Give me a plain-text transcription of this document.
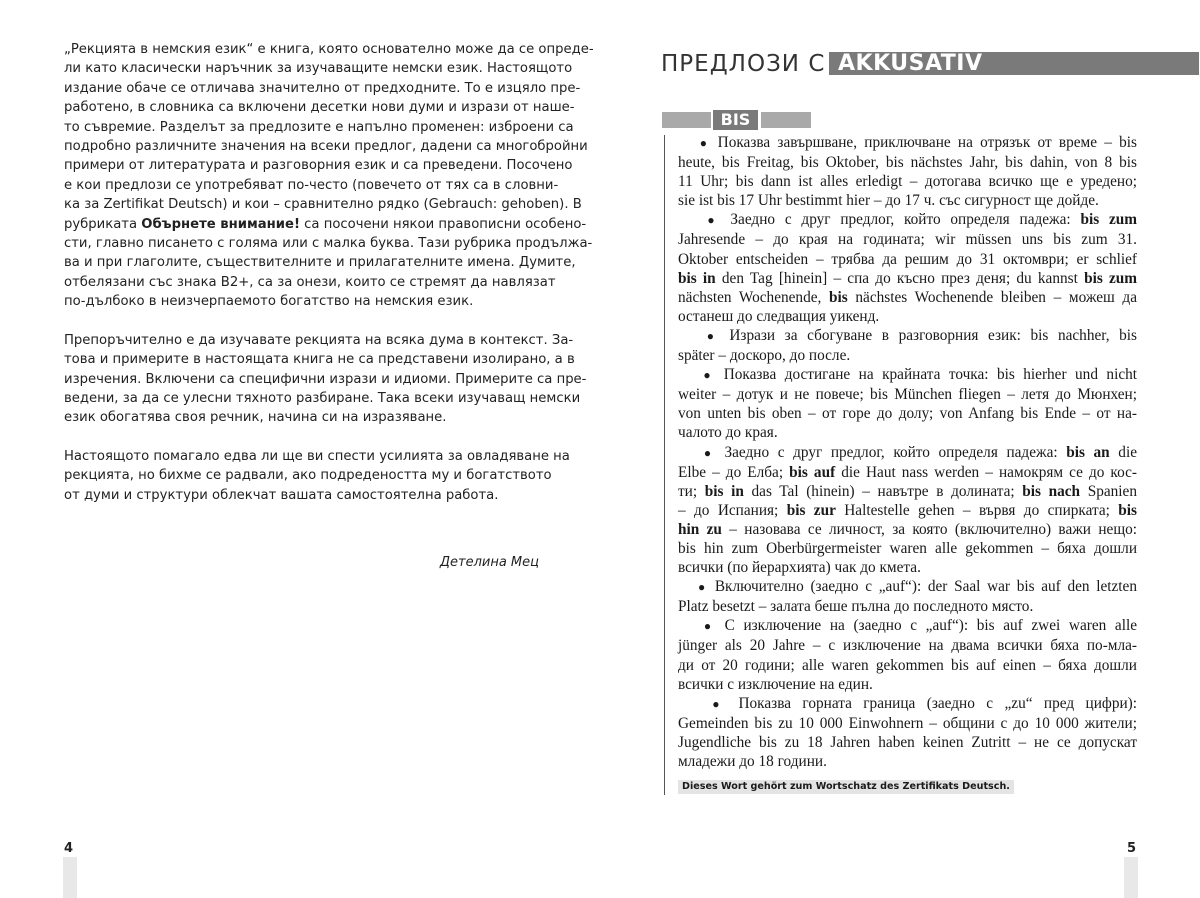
„Рекцията в немския език“ е книга, която основателно може да се опреде-
ли като класически наръчник за изучаващите немски език. Настоящото
издание обаче се отличава значително от предходните. То е изцяло пре-
работено, в словника са включени десетки нови думи и изрази от наше-
то съвремие. Разделът за предлозите е напълно променен: изброени са
подробно различните значения на всеки предлог, дадени са многобройни
примери от литературата и разговорния език и са преведени. Посочено
е кои предлози се употребяват по-често (повечето от тях са в словни-
ка за Zertifikat Deutsch) и кои – сравнително рядко (Gebrauch: gehoben). В
рубриката Обърнете внимание! са посочени някои правописни особено-
сти, главно писането с голяма или с малка буква. Тази рубрика продължа-
ва и при глаголите, съществителните и прилагателните имена. Думите,
отбелязани със знака B2+, са за онези, които се стремят да навлязат
по-дълбоко в неизчерпаемото богатство на немския език.

Препоръчително е да изучавате рекцията на всяка дума в контекст. За-
това и примерите в настоящата книга не са представени изолирано, а в
изречения. Включени са специфични изрази и идиоми. Примерите са пре-
ведени, за да се улесни тяхното разбиране. Така всеки изучаващ немски
език обогатява своя речник, начина си на изразяване.

Настоящото помагало едва ли ще ви спести усилията за овладяване на
рекцията, но бихме се радвали, ако подредеността му и богатството
от думи и структури облекчат вашата самостоятелна работа.

Детелина Мец
4
ПРЕДЛОЗИ С AKKUSATIV
BIS
● Показва завършване, приключване на отрязък от време – bis
heute, bis Freitag, bis Oktober, bis nächstes Jahr, bis dahin, von 8 bis
11 Uhr; bis dann ist alles erledigt – дотогава всичко ще е уредено;
sie ist bis 17 Uhr bestimmt hier – до 17 ч. със сигурност ще дойде.
● Заедно с друг предлог, който определя падежа: bis zum
Jahresende – до края на годината; wir müssen uns bis zum 31.
Oktober entscheiden – трябва да решим до 31 октомври; er schlief
bis in den Tag [hinein] – спа до късно през деня; du kannst bis zum
nächsten Wochenende, bis nächstes Wochenende bleiben – можеш да
останеш до следващия уикенд.
● Изрази за сбогуване в разговорния език: bis nachher, bis
später – доскоро, до после.
● Показва достигане на крайната точка: bis hierher und nicht
weiter – дотук и не повече; bis München fliegen – летя до Мюнхен;
von unten bis oben – от горе до долу; von Anfang bis Ende – от на-
чалото до края.
● Заедно с друг предлог, който определя падежа: bis an die
Elbe – до Елба; bis auf die Haut nass werden – намокрям се до кос-
ти; bis in das Tal (hinein) – навътре в долината; bis nach Spanien
– до Испания; bis zur Haltestelle gehen – вървя до спирката; bis
hin zu – назовава се личност, за която (включително) важи нещо:
bis hin zum Oberbürgermeister waren alle gekommen – бяха дошли
всички (по йерархията) чак до кмета.
● Включително (заедно с „auf“): der Saal war bis auf den letzten
Platz besetzt – залата беше пълна до последното място.
● С изключение на (заедно с „auf“): bis auf zwei waren alle
jünger als 20 Jahre – с изключение на двама всички бяха по-мла-
ди от 20 години; alle waren gekommen bis auf einen – бяха дошли
всички с изключение на един.
● Показва горната граница (заедно с „zu“ пред цифри):
Gemeinden bis zu 10 000 Einwohnern – общини с до 10 000 жители;
Jugendliche bis zu 18 Jahren haben keinen Zutritt – не се допускат
младежи до 18 години.
Dieses Wort gehört zum Wortschatz des Zertifikats Deutsch.
5
